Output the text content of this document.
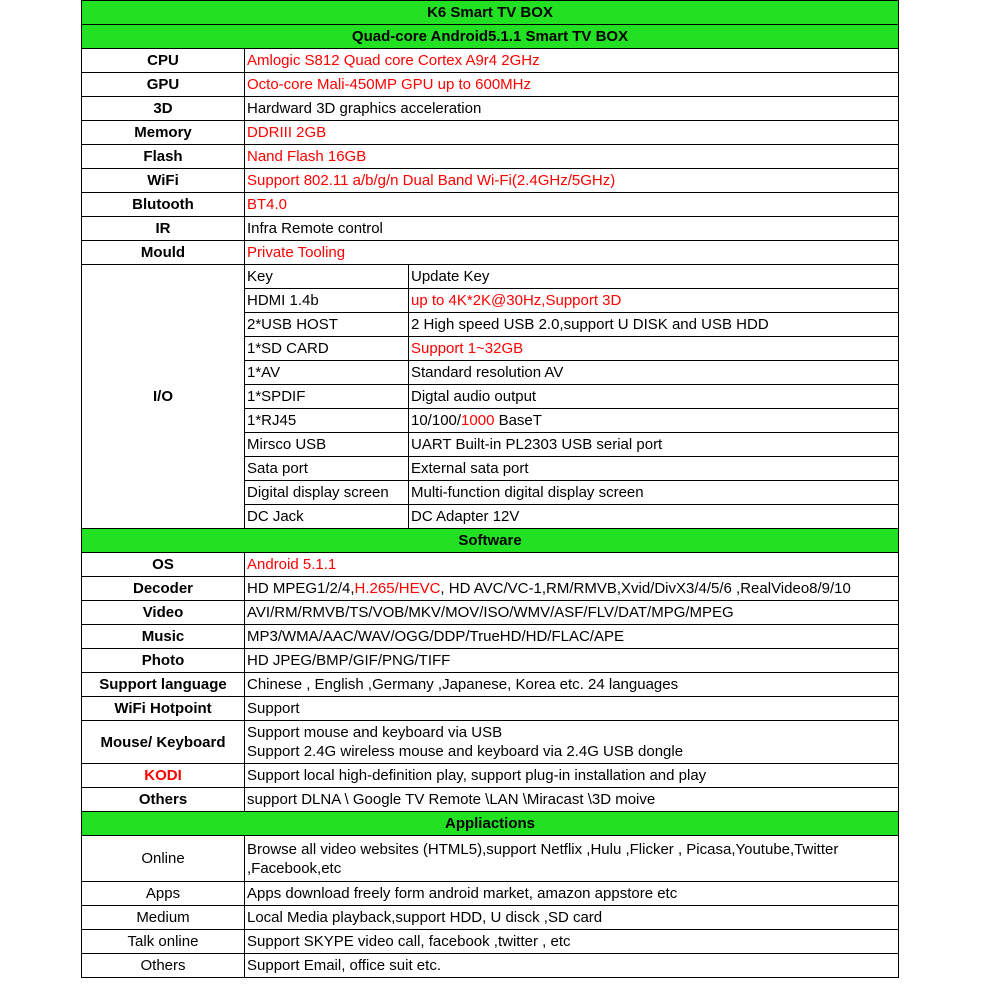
K6 Smart TV BOX		
Quad-core Android5.1.1 Smart TV BOX		
CPU	Amlogic S812 Quad core Cortex A9r4 2GHz	
GPU	Octo-core Mali-450MP GPU up to 600MHz	
3D	Hardward 3D graphics acceleration	
Memory	DDRIII 2GB	
Flash	Nand Flash 16GB	
WiFi	Support 802.11 a/b/g/n Dual Band Wi-Fi(2.4GHz/5GHz)	
Blutooth	BT4.0	
IR	Infra Remote control	
Mould	Private Tooling	
I/O	Key	Update Key
	HDMI 1.4b	up to 4K*2K@30Hz,Support 3D
	2*USB HOST	2 High speed USB 2.0,support U DISK and USB HDD
	1*SD CARD	Support 1~32GB
	1*AV	Standard resolution AV
	1*SPDIF	Digtal audio output
	1*RJ45	10/100/1000 BaseT
	Mirsco USB	UART Built-in PL2303 USB serial port
	Sata port	External sata port
	Digital display screen	Multi-function digital display screen
	DC Jack	DC Adapter 12V
Software		
OS	Android 5.1.1	
Decoder	HD MPEG1/2/4,H.265/HEVC, HD AVC/VC-1,RM/RMVB,Xvid/DivX3/4/5/6 ,RealVideo8/9/10	
Video	AVI/RM/RMVB/TS/VOB/MKV/MOV/ISO/WMV/ASF/FLV/DAT/MPG/MPEG	
Music	MP3/WMA/AAC/WAV/OGG/DDP/TrueHD/HD/FLAC/APE	
Photo	HD JPEG/BMP/GIF/PNG/TIFF	
Support language	Chinese , English ,Germany ,Japanese, Korea etc. 24 languages	
WiFi Hotpoint	Support	
Mouse/ Keyboard	Support mouse and keyboard via USB
Support 2.4G wireless mouse and keyboard via 2.4G USB dongle	

KODI	Support local high-definition play, support plug-in installation and play	
Others	support DLNA \ Google TV Remote \LAN \Miracast \3D moive	
Appliactions		
Online	Browse all video websites (HTML5),support Netflix ,Hulu ,Flicker , Picasa,Youtube,Twitter ,Facebook,etc	
Apps	Apps download freely form android market, amazon appstore etc	
Medium	Local Media playback,support HDD, U disck ,SD card	
Talk online	Support SKYPE video call, facebook ,twitter , etc	
Others	Support Email, office suit etc.	
